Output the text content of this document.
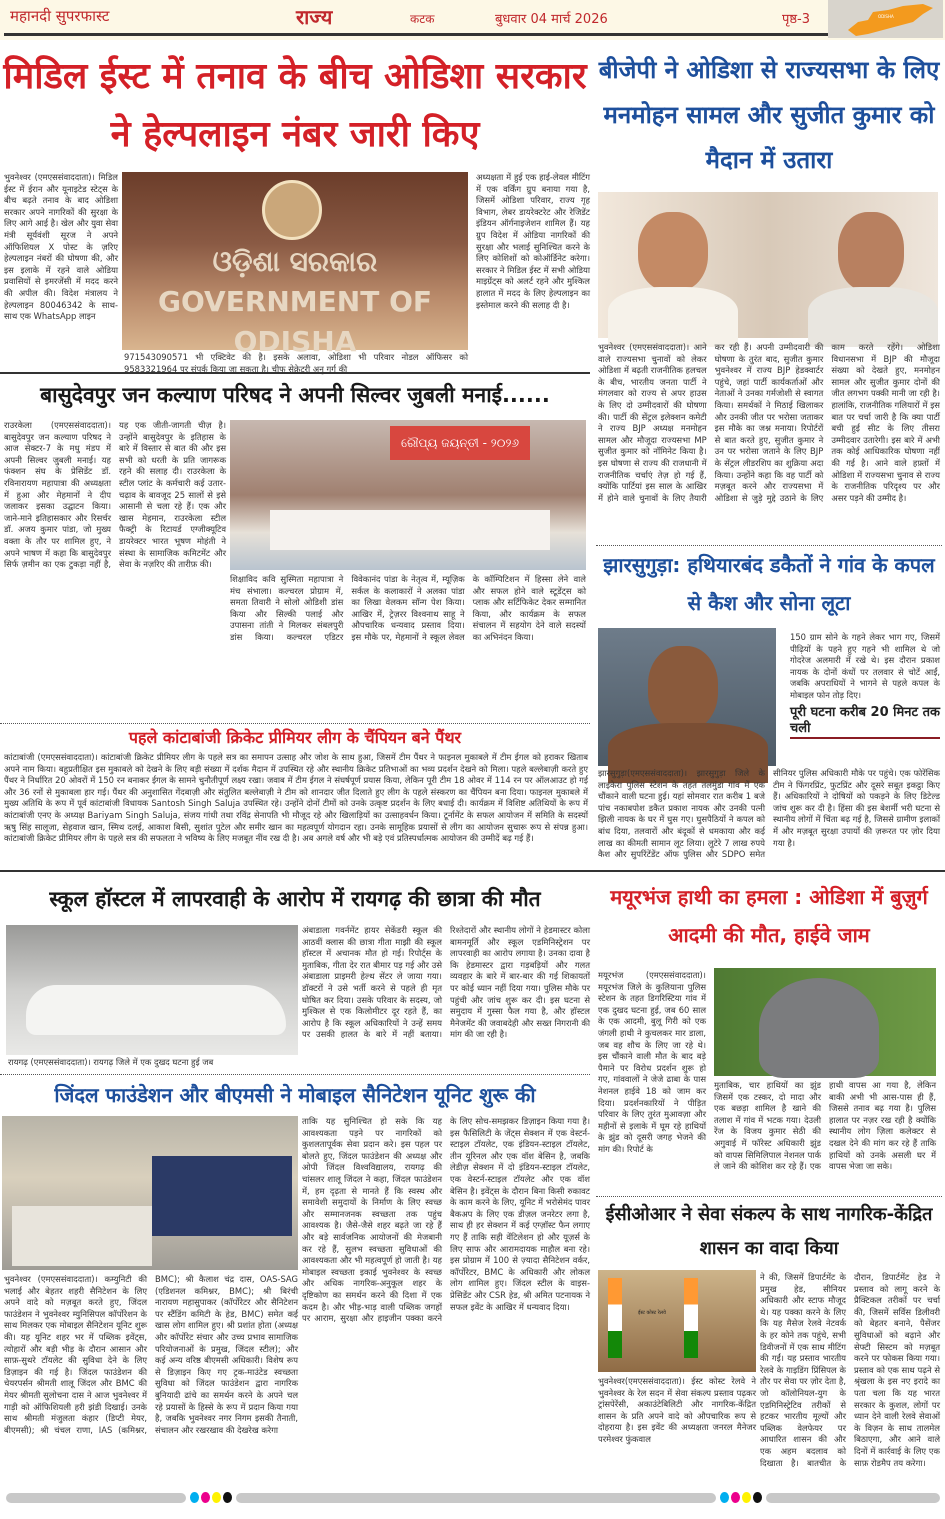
महानदी सुपरफास्ट	राज्य	कटक	बुधवार 04 मार्च 2026	पृष्ठ-3	ODISHA
मिडिल ईस्ट में तनाव के बीच ओडिशा सरकार ने हेल्पलाइन नंबर जारी किए
भुवनेश्वर (एमएससंवाददाता)। मिडिल ईस्ट में ईरान और यूनाइटेड स्टेट्स के बीच बढ़ते तनाव के बाद ओडिशा सरकार अपने नागरिकों की सुरक्षा के लिए आगे आई है। खेल और युवा सेवा मंत्री सूर्यवंशी सूरज ने अपने ऑफिशियल X पोस्ट के ज़रिए हेल्पलाइन नंबरों की घोषणा की, और इस इलाके में रहने वाले ओडिया प्रवासियों से इमरजेंसी में मदद करने की अपील की। विदेश मंत्रालय ने हेल्पलाइन 80046342 के साथ-साथ एक WhatsApp लाइन
ଓଡ଼ିଶା ସରକାର GOVERNMENT OF ODISHA
971543090571 भी एक्टिवेट की है। इसके अलावा, ओडिशा भी परिवार नोडल ऑफिसर को 9583321964 पर संपर्क किया जा सकता है। चीफ सेक्रेटरी अनु गर्ग की
अध्यक्षता में हुई एक हाई-लेवल मीटिंग में एक वर्किंग ग्रुप बनाया गया है, जिसमें ओडिशा परिवार, राज्य गृह विभाग, लेबर डायरेक्टरेट और रेजिडेंट इंडियन ऑर्गनाइजेशन शामिल हैं। यह ग्रुप विदेश में ओडिया नागरिकों की सुरक्षा और भलाई सुनिश्चित करने के लिए कोशिशों को कोऑर्डिनेट करेगा। सरकार ने मिडिल ईस्ट में सभी ओडिया माइग्रेंट्स को अलर्ट रहने और मुश्किल हालात में मदद के लिए हेल्पलाइन का इस्तेमाल करने की सलाह दी है।
बासुदेवपुर जन कल्याण परिषद ने अपनी सिल्वर जुबली मनाई......
राउरकेला (एमएससंवाददाता)। बासुदेवपुर जन कल्याण परिषद ने आज सेक्टर-7 के मधु मंडप में अपनी सिल्वर जुबली मनाई। यह फंक्शन संघ के प्रेसिडेंट डॉ. रविनारायण महापात्रा की अध्यक्षता में हुआ और मेहमानों ने दीप जलाकर इसका उद्घाटन किया। जाने-माने इतिहासकार और रिसर्चर डॉ. अजय कुमार पांडा, जो मुख्य वक्ता के तौर पर शामिल हुए, ने अपने भाषण में कहा कि बासुदेवपुर सिर्फ ज़मीन का एक टुकड़ा नहीं है, यह एक जीती-जागती चीज़ है। उन्होंने बासुदेवपुर के इतिहास के बारे में विस्तार से बात की और इस सभी को धरती के प्रति जागरूक रहने की सलाह दी। राउरकेला के स्टील प्लांट के कर्मचारी कई उतार-चढ़ाव के बावजूद 25 सालों से इसे आसानी से चला रहे हैं। एक और खास मेहमान, राउरकेला स्टील फैक्ट्री के रिटायर्ड एग्जीक्यूटिव डायरेक्टर भारत भूषण मोहंती ने संस्था के सामाजिक कमिटमेंट और सेवा के नज़रिए की तारीफ़ की।
ରୌପ୍ୟ ଜୟନ୍ତୀ - ୨୦୨୬
शिक्षाविद कवि सुस्मिता महापात्रा ने मंच संभाला। कल्चरल प्रोग्राम में, समता तिवारी ने सोलो ओडिशी डांस किया और सिल्की पलाई और उपासना तांती ने मिलकर संबलपुरी डांस किया। कल्चरल एडिटर विवेकानंद पांडा के नेतृत्व में, म्यूज़िक सर्कल के कलाकारों ने अलका पांडा का लिखा वेलकम सॉन्ग पेश किया। आखिर में, ट्रेज़रर विश्वनाथ साहू ने औपचारिक धन्यवाद प्रस्ताव दिया। इस मौके पर, मेहमानों ने स्कूल लेवल के कॉम्पिटिशन में हिस्सा लेने वाले और सफल होने वाले स्टूडेंट्स को प्लाक और सर्टिफिकेट देकर सम्मानित किया, और कार्यक्रम के सफल संचालन में सहयोग देने वाले सदस्यों का अभिनंदन किया।
पहले कांटाबांजी क्रिकेट प्रीमियर लीग के चैंपियन बने पैंथर
कांटाबांजी (एमएससंवाददाता)। कांटाबांजी क्रिकेट प्रीमियर लीग के पहले सत्र का समापन उत्साह और जोश के साथ हुआ, जिसमें टीम पैंथर ने फाइनल मुकाबले में टीम ईगल को हराकर खिताब अपने नाम किया। बहुप्रतीक्षित इस मुकाबले को देखने के लिए बड़ी संख्या में दर्शक मैदान में उपस्थित रहे और स्थानीय क्रिकेट प्रतिभाओं का भव्य प्रदर्शन देखने को मिला। पहले बल्लेबाज़ी करते हुए पैंथर ने निर्धारित 20 ओवरों में 150 रन बनाकर ईगल के सामने चुनौतीपूर्ण लक्ष्य रखा। जवाब में टीम ईगल ने संघर्षपूर्ण प्रयास किया, लेकिन पूरी टीम 18 ओवर में 114 रन पर ऑलआउट हो गई और 36 रनों से मुकाबला हार गई। पैंथर की अनुशासित गेंदबाज़ी और संतुलित बल्लेबाज़ी ने टीम को शानदार जीत दिलाते हुए लीग के पहले संस्करण का चैंपियन बना दिया। फाइनल मुकाबले में मुख्य अतिथि के रूप में पूर्व कांटाबांजी विधायक Santosh Singh Saluja उपस्थित रहे। उन्होंने दोनों टीमों को उनके उत्कृष्ट प्रदर्शन के लिए बधाई दी। कार्यक्रम में विशिष्ट अतिथियों के रूप में कांटाबांजी एनए के अध्यक्ष Bariyam Singh Saluja, संजय गांधी तथा रविंद्र सेनापति भी मौजूद रहे और खिलाड़ियों का उत्साहवर्धन किया। टूर्नामेंट के सफल आयोजन में समिति के सदस्यों ऋषु सिंह सालूजा, सेहवाज खान, स्मिथ दलई, आकाश बिसी, सुशांत पुटेल और समीर खान का महत्वपूर्ण योगदान रहा। उनके सामूहिक प्रयासों से लीग का आयोजन सुचारू रूप से संपन्न हुआ। कांटाबांजी क्रिकेट प्रीमियर लीग के पहले सत्र की सफलता ने भविष्य के लिए मजबूत नींव रख दी है। अब अगले वर्ष और भी बड़े एवं प्रतिस्पर्धात्मक आयोजन की उम्मीदें बढ़ गई हैं।
बीजेपी ने ओडिशा से राज्यसभा के लिए मनमोहन सामल और सुजीत कुमार को मैदान में उतारा
भुवनेश्वर (एमएससंवाददाता)। आने वाले राज्यसभा चुनावों को लेकर ओडिशा में बढ़ती राजनीतिक हलचल के बीच, भारतीय जनता पार्टी ने मंगलवार को राज्य से अपर हाउस के लिए दो उम्मीदवारों की घोषणा की। पार्टी की सेंट्रल इलेक्शन कमेटी ने राज्य BJP अध्यक्ष मनमोहन सामल और मौजूदा राज्यसभा MP सुजीत कुमार को नॉमिनेट किया है। इस घोषणा से राज्य की राजधानी में राजनीतिक चर्चाएं तेज़ हो गई हैं, क्योंकि पार्टियां इस साल के आखिर में होने वाले चुनावों के लिए तैयारी कर रही हैं। अपनी उम्मीदवारी की घोषणा के तुरंत बाद, सुजीत कुमार भुवनेश्वर में राज्य BJP हेडक्वार्टर पहुंचे, जहां पार्टी कार्यकर्ताओं और नेताओं ने उनका गर्मजोशी से स्वागत किया। समर्थकों ने मिठाई खिलाकर और उनकी जीत पर भरोसा जताकर इस मौके का जश्न मनाया। रिपोर्टरों से बात करते हुए, सुजीत कुमार ने उन पर भरोसा जताने के लिए BJP के सेंट्रल लीडरशिप का शुक्रिया अदा किया। उन्होंने कहा कि वह पार्टी को मज़बूत करने और राज्यसभा में ओडिशा से जुड़े मुद्दे उठाने के लिए काम करते रहेंगे। ओडिशा विधानसभा में BJP की मौजूदा संख्या को देखते हुए, मनमोहन सामल और सुजीत कुमार दोनों की जीत लगभग पक्की मानी जा रही है। हालांकि, राजनीतिक गलियारों में इस बात पर चर्चा जारी है कि क्या पार्टी बची हुई सीट के लिए तीसरा उम्मीदवार उतारेगी। इस बारे में अभी तक कोई आधिकारिक घोषणा नहीं की गई है। आने वाले हफ़्तों में ओडिशा में राज्यसभा चुनाव से राज्य के राजनीतिक परिदृश्य पर और असर पड़ने की उम्मीद है।
झारसुगुड़ा: हथियारबंद डकैतों ने गांव के कपल से कैश और सोना लूटा
150 ग्राम सोने के गहने लेकर भाग गए, जिसमें पीढ़ियों के पहने हुए गहने भी शामिल थे जो गोदरेज अलमारी में रखे थे। इस दौरान प्रकाश नायक के दोनों कंधों पर तलवार से चोटें आईं, जबकि अपराधियों ने भागने से पहले कपल के मोबाइल फोन तोड़ दिए।
पूरी घटना करीब 20 मिनट तक चली
झारसुगुड़ा(एमएससंवाददाता)। झारसुगुड़ा जिले के लाइकेरा पुलिस स्टेशन के तहत तलमुंडा गांव में एक चौंकाने वाली घटना हुई। यहां सोमवार रात करीब 1 बजे पांच नकाबपोश डकैत प्रकाश नायक और उनकी पत्नी झिली नायक के घर में घुस गए। घुसपैठियों ने कपल को बांध दिया, तलवारों और बंदूकों से धमकाया और कई लाख का कीमती सामान लूट लिया। लुटेरे 7 लाख रुपये कैश और सुपरिंटेंडेंट ऑफ पुलिस और SDPO समेत सीनियर पुलिस अधिकारी मौके पर पहुंचे। एक फोरेंसिक टीम ने फिंगरप्रिंट, फुटप्रिंट और दूसरे सबूत इकट्ठा किए हैं। अधिकारियों ने दोषियों को पकड़ने के लिए डिटेल्ड जांच शुरू कर दी है। हिंसा की इस बेशर्मी भरी घटना से स्थानीय लोगों में चिंता बढ़ गई है, जिससे ग्रामीण इलाकों में और मज़बूत सुरक्षा उपायों की ज़रूरत पर ज़ोर दिया गया है।
स्कूल हॉस्टल में लापरवाही के आरोप में रायगढ़ की छात्रा की मौत
रायगढ़ (एमएससंवाददाता)। रायगढ़ जिले में एक दुखद घटना हुई जब
अंबाडाला गवर्नमेंट हायर सेकेंडरी स्कूल की आठवीं क्लास की छात्रा गीता माझी की स्कूल हॉस्टल में अचानक मौत हो गई। रिपोर्ट्स के मुताबिक, गीता देर रात बीमार पड़ गई और उसे अंबाडाला प्राइमरी हेल्थ सेंटर ले जाया गया। डॉक्टरों ने उसे भर्ती करने से पहले ही मृत घोषित कर दिया। उसके परिवार के सदस्य, जो मुश्किल से एक किलोमीटर दूर रहते हैं, का आरोप है कि स्कूल अधिकारियों ने उन्हें समय पर उसकी हालत के बारे में नहीं बताया। रिश्तेदारों और स्थानीय लोगों ने हेडमास्टर कोला बामनमूर्ति और स्कूल एडमिनिस्ट्रेशन पर लापरवाही का आरोप लगाया है। उनका दावा है कि हेडमास्टर द्वारा गड़बड़ियों और गलत व्यवहार के बारे में बार-बार की गई शिकायतों पर कोई ध्यान नहीं दिया गया। पुलिस मौके पर पहुंची और जांच शुरू कर दी। इस घटना से समुदाय में गुस्सा फैल गया है, और हॉस्टल मैनेजमेंट की जवाबदेही और सख्त निगरानी की मांग की जा रही है।
जिंदल फाउंडेशन और बीएमसी ने मोबाइल सैनिटेशन यूनिट शुरू की
भुवनेश्वर (एमएससंवाददाता)। कम्युनिटी की भलाई और बेहतर शहरी सैनिटेशन के लिए अपने वादे को मज़बूत करते हुए, जिंदल फाउंडेशन ने भुवनेश्वर म्युनिसिपल कॉर्पोरेशन के साथ मिलकर एक मोबाइल सैनिटेशन यूनिट शुरू की। यह यूनिट शहर भर में पब्लिक इवेंट्स, त्योहारों और बड़ी भीड़ के दौरान आसान और साफ़-सुथरे टॉयलेट की सुविधा देने के लिए डिज़ाइन की गई है। जिंदल फाउंडेशन की चेयरपर्सन श्रीमती शालू जिंदल और BMC की मेयर श्रीमती सुलोचना दास ने आज भुवनेश्वर में गाड़ी को ऑफिशियली हरी झंडी दिखाई। उनके साथ श्रीमती मंजुलता कंहार (डिप्टी मेयर, बीएमसी); श्री चंचल राणा, IAS (कमिश्नर, BMC); श्री कैलाश चंद्र दास, OAS-SAG (एडिशनल कमिश्नर, BMC); श्री बिरंची नारायण महासुपाकर (कॉर्पोरेटर और सैनिटेशन पर स्टैंडिंग कमिटी के हेड, BMC) समेत कई खास लोग शामिल हुए। श्री प्रशांत होता (अध्यक्ष और कॉर्पोरेट संचार और उच्च प्रभाव सामाजिक परियोजनाओं के प्रमुख, जिंदल स्टील); और कई अन्य वरिष्ठ बीएमसी अधिकारी। विशेष रूप से डिज़ाइन किए गए ट्रक-माउंटेड स्वच्छता सुविधा को जिंदल फाउंडेशन द्वारा नागरिक बुनियादी ढांचे का समर्थन करने के अपने चल रहे प्रयासों के हिस्से के रूप में प्रदान किया गया है, जबकि भुवनेश्वर नगर निगम इसकी तैनाती, संचालन और रखरखाव की देखरेख करेगा
ताकि यह सुनिश्चित हो सके कि यह आवश्यकता पड़ने पर नागरिकों को कुशलतापूर्वक सेवा प्रदान करे। इस पहल पर बोलते हुए, जिंदल फाउंडेशन की अध्यक्ष और ओपी जिंदल विश्वविद्यालय, रायगढ़ की चांसलर शालू जिंदल ने कहा, जिंदल फाउंडेशन में, हम दृढ़ता से मानते हैं कि स्वस्थ और समावेशी समुदायों के निर्माण के लिए स्वच्छ और सम्मानजनक स्वच्छता तक पहुंच आवश्यक है। जैसे-जैसे शहर बढ़ते जा रहे हैं और बड़े सार्वजनिक आयोजनों की मेजबानी कर रहे हैं, सुलभ स्वच्छता सुविधाओं की आवश्यकता और भी महत्वपूर्ण हो जाती है। यह मोबाइल स्वच्छता इकाई भुवनेश्वर के स्वच्छ और अधिक नागरिक-अनुकूल शहर के दृष्टिकोण का समर्थन करने की दिशा में एक कदम है। और भीड़-भाड़ वाली पब्लिक जगहों पर आराम, सुरक्षा और हाइजीन पक्का करने के लिए सोच-समझकर डिज़ाइन किया गया है। इस फैसिलिटी के जेंट्स सेक्शन में एक वेस्टर्न-स्टाइल टॉयलेट, एक इंडियन-स्टाइल टॉयलेट, तीन यूरिनल और एक वॉश बेसिन है, जबकि लेडीज़ सेक्शन में दो इंडियन-स्टाइल टॉयलेट, एक वेस्टर्न-स्टाइल टॉयलेट और एक वॉश बेसिन है। इवेंट्स के दौरान बिना किसी रुकावट के काम करने के लिए, यूनिट में भरोसेमंद पावर बैकअप के लिए एक डीज़ल जनरेटर लगा है, साथ ही हर सेक्शन में कई एग्ज़ॉस्ट फैन लगाए गए हैं ताकि सही वेंटिलेशन हो और यूज़र्स के लिए साफ और आरामदायक माहौल बना रहे। इस प्रोग्राम में 100 से ज़्यादा सैनिटेशन वर्कर, कॉर्पोरेटर, BMC के अधिकारी और लोकल लोग शामिल हुए। जिंदल स्टील के वाइस-प्रेसिडेंट और CSR हेड, श्री अमित पटनायक ने सफल इवेंट के आखिर में धन्यवाद दिया।
मयूरभंज हाथी का हमला : ओडिशा में बुज़ुर्ग आदमी की मौत, हाईवे जाम
मयूरभंज (एमएससंवाददाता)। मयूरभंज जिले के कुलियाना पुलिस स्टेशन के तहत डिगरिस्टिया गांव में एक दुखद घटना हुई, जब 60 साल के एक आदमी, बुलू गिरी को एक जंगली हाथी ने कुचलकर मार डाला, जब वह शौच के लिए जा रहे थे। इस चौंकाने वाली मौत के बाद बड़े पैमाने पर विरोध प्रदर्शन शुरू हो गए, गांववालों ने जेजे ढाबा के पास नेशनल हाईवे 18 को जाम कर दिया। प्रदर्शनकारियों ने पीड़ित परिवार के लिए तुरंत मुआवज़ा और महीनों से इलाके में घूम रहे हाथियों के झुंड को दूसरी जगह भेजने की मांग की। रिपोर्ट के
मुताबिक, चार हाथियों का झुंड जिसमें एक टस्कर, दो मादा और एक बछड़ा शामिल है खाने की तलाश में गांव में भटक गया। देउली रेंज के विजय कुमार सेठी की अगुवाई में फॉरेस्ट अधिकारी झुंड को वापस सिमिलिपाल नेशनल पार्क ले जाने की कोशिश कर रहे हैं। एक हाथी वापस आ गया है, लेकिन बाकी अभी भी आस-पास ही हैं, जिससे तनाव बढ़ गया है। पुलिस हालात पर नज़र रख रही है क्योंकि स्थानीय लोग ज़िला कलेक्टर से दखल देने की मांग कर रहे हैं ताकि हाथियों को उनके असली घर में वापस भेजा जा सके।
ईसीओआर ने सेवा संकल्प के साथ नागरिक-केंद्रित शासन का वादा किया
ईस्ट कोस्ट रेलवे
भुवनेश्वर(एमएससंवाददाता)। ईस्ट कोस्ट रेलवे ने भुवनेश्वर के रेल सदन में सेवा संकल्प प्रस्ताव पढ़कर ट्रांसपेरेंसी, अकाउंटेबिलिटी और नागरिक-केंद्रित शासन के प्रति अपने वादे को औपचारिक रूप से दोहराया है। इस इवेंट की अध्यक्षता जनरल मैनेजर परमेश्वर फुंकवाल
ने की, जिसमें डिपार्टमेंट के प्रमुख हेड, सीनियर अधिकारी और स्टाफ मौजूद थे। यह पक्का करने के लिए कि यह मैसेज रेलवे नेटवर्क के हर कोने तक पहुंचे, सभी डिवीजनों में एक साथ मीटिंग की गईं। यह प्रस्ताव भारतीय रेलवे के गाइडिंग प्रिंसिपल के तौर पर सेवा पर ज़ोर देता है, जो कॉलोनियल-युग के एडमिनिस्ट्रेटिव तरीकों से हटकर भारतीय मूल्यों और पब्लिक वेलफेयर पर आधारित शासन की और एक अहम बदलाव को दिखाता है। बातचीत के दौरान, डिपार्टमेंट हेड ने प्रस्ताव को लागू करने के प्रैक्टिकल तरीकों पर चर्चा की, जिसमें सर्विस डिलीवरी को बेहतर बनाने, पैसेंजर सुविधाओं को बढ़ाने और सेफ्टी सिस्टम को मज़बूत करने पर फोकस किया गया। प्रस्ताव को एक साथ पढ़ने से श्रृंखला के इस नए इरादे का पता चला कि यह भारत सरकार के कुशल, लोगों पर ध्यान देने वाली रेलवे सेवाओं के विज़न के साथ तालमेल बिठाएगा, और आने वाले दिनों में कार्रवाई के लिए एक साफ़ रोडमैप तय करेगा।
